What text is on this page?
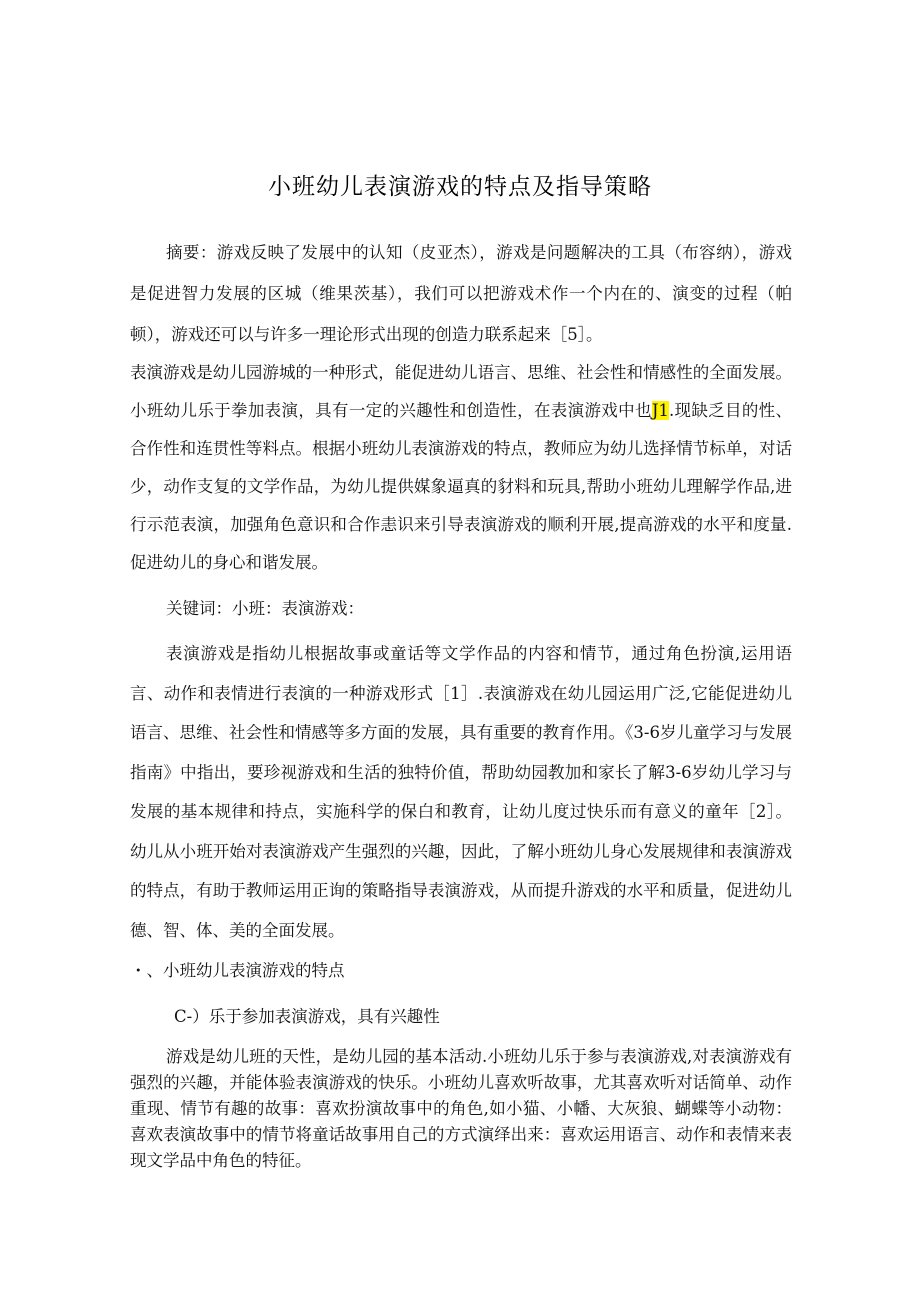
小班幼儿表演游戏的特点及指导策略
摘要：游戏反映了发展中的认知（皮亚杰），游戏是问题解决的工具（布容纳），游戏是促进智力发展的区城（维果茨基），我们可以把游戏术作一个内在的、演变的过程（帕顿），游戏还可以与许多一理论形式出现的创造力联系起来［5］。
表演游戏是幼儿园游城的一种形式，能促进幼儿语言、思维、社会性和情感性的全面发展。小班幼儿乐于拳加表演，具有一定的兴趣性和创造性，在表演游戏中也J1.现缺乏目的性、合作性和连贯性等料点。根据小班幼儿表演游戏的特点，教师应为幼儿选择情节标单，对话少，动作支复的文学作品，为幼儿提供媒象逼真的豺料和玩具,帮助小班幼儿理解学作品,进行示范表演，加强角色意识和合作恚识来引导表演游戏的顺利开展,提高游戏的水平和度量.促进幼儿的身心和谐发展。
关键词：小班：表演游戏：
表演游戏是指幼儿根据故事或童话等文学作品的内容和情节，通过角色扮演,运用语言、动作和表情进行表演的一种游戏形式［1］.表演游戏在幼儿园运用广泛,它能促进幼儿语言、思维、社会性和情感等多方面的发展，具有重要的教育作用。《3-6岁儿童学习与发展指南》中指出，要珍视游戏和生活的独特价值，帮助幼园教加和家长了解3-6岁幼儿学习与发展的基本规律和持点，实施科学的保白和教育，让幼儿度过快乐而有意义的童年［2］。幼儿从小班开始对表演游戏产生强烈的兴趣，因此，了解小班幼儿身心发展规律和表演游戏的特点，有助于教师运用正询的策略指导表演游戏，从而提升游戏的水平和质量，促进幼儿德、智、体、美的全面发展。
・、小班幼儿表演游戏的特点
C-）乐于参加表演游戏，具有兴趣性
游戏是幼儿班的天性，是幼儿园的基本活动.小班幼儿乐于参与表演游戏,对表演游戏有强烈的兴趣，并能体验表演游戏的快乐。小班幼儿喜欢听故事，尤其喜欢听对话简单、动作重现、情节有趣的故事：喜欢扮演故事中的角色,如小猫、小幡、大灰狼、蝴蝶等小动物：喜欢表演故事中的情节将童话故事用自己的方式演绎出来：喜欢运用语言、动作和表情来表现文学品中角色的特征。
